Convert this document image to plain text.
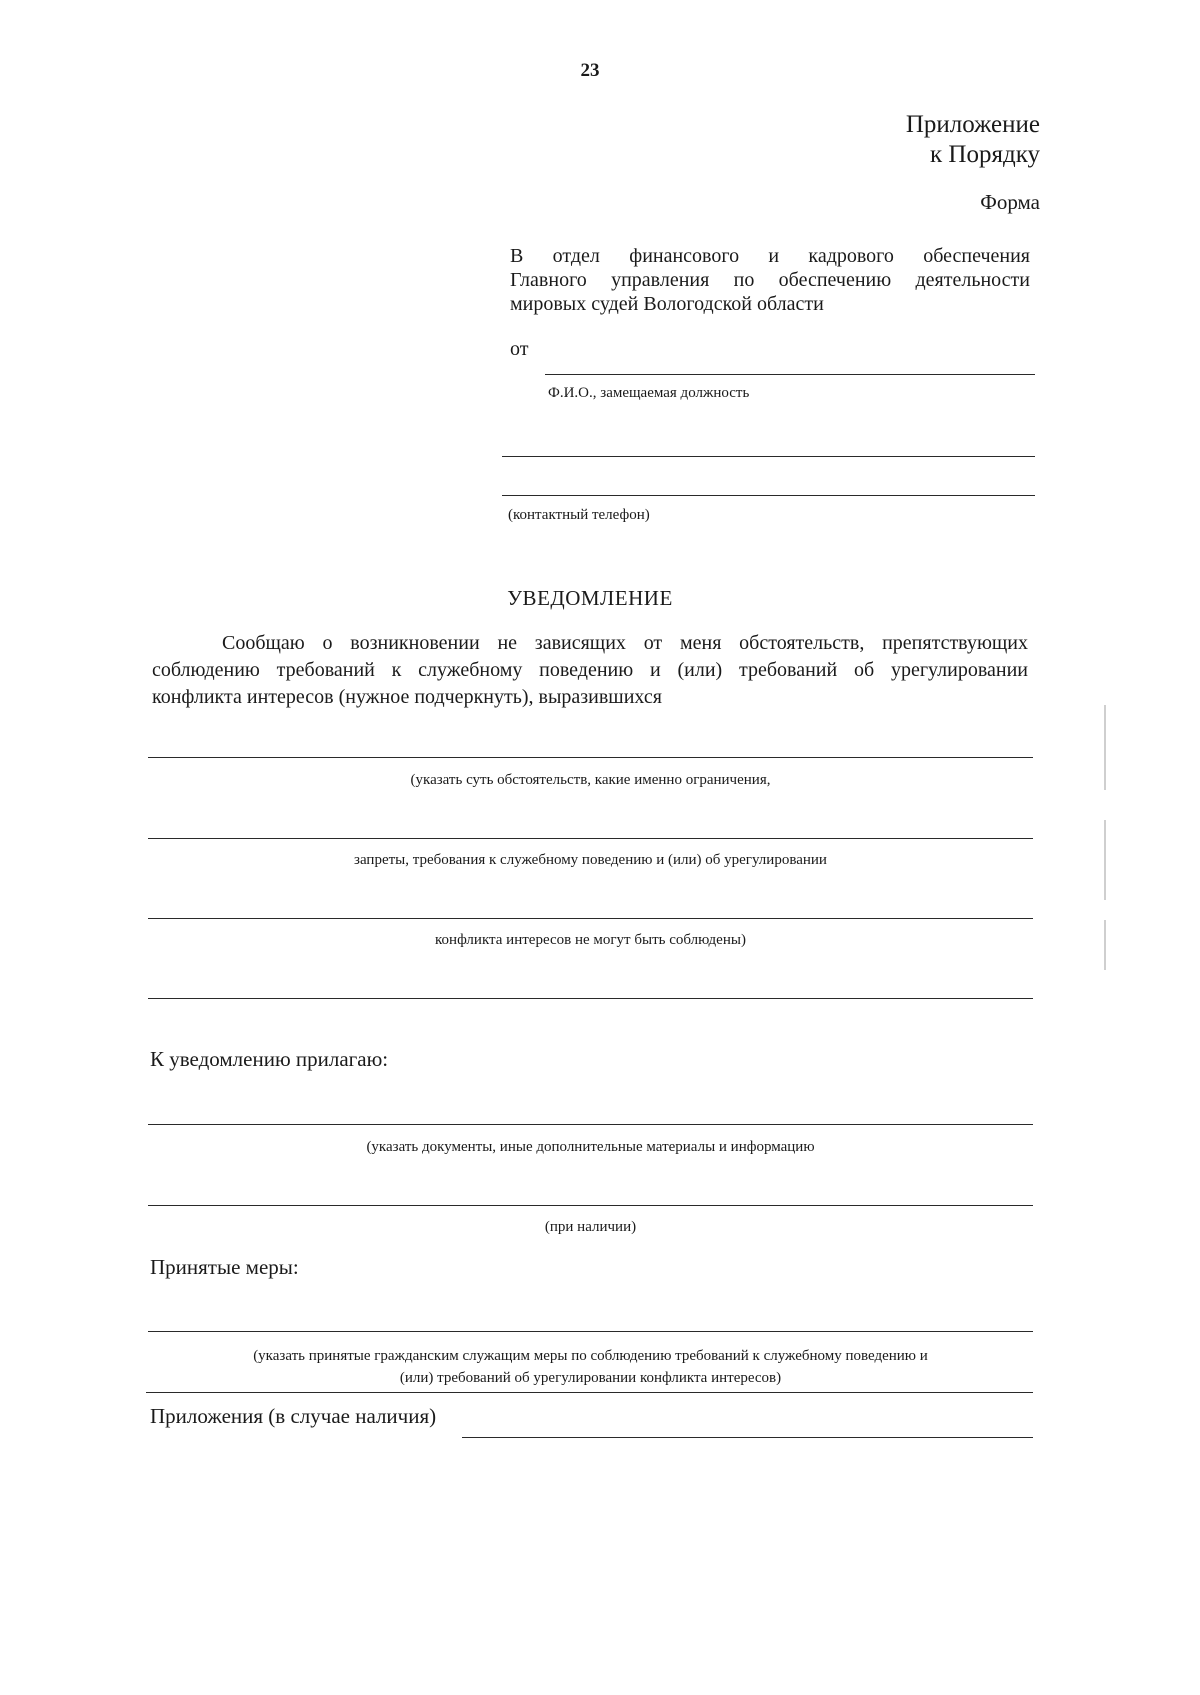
23
Приложение
к Порядку
Форма
В отдел финансового и кадрового обеспечения
Главного управления по обеспечению деятельности
мировых судей Вологодской области
от
Ф.И.О., замещаемая должность
(контактный телефон)
УВЕДОМЛЕНИЕ
Сообщаю о возникновении не зависящих от меня обстоятельств, препятствующих
соблюдению требований к служебному поведению и (или) требований об урегулировании
конфликта интересов (нужное подчеркнуть), выразившихся
(указать суть обстоятельств, какие именно ограничения,
запреты, требования к служебному поведению и (или) об урегулировании
конфликта интересов не могут быть соблюдены)
К уведомлению прилагаю:
(указать документы, иные дополнительные материалы и информацию
(при наличии)
Принятые меры:
(указать принятые гражданским служащим меры по соблюдению требований к служебному поведению и
(или) требований об урегулировании конфликта интересов)
Приложения (в случае наличия)
